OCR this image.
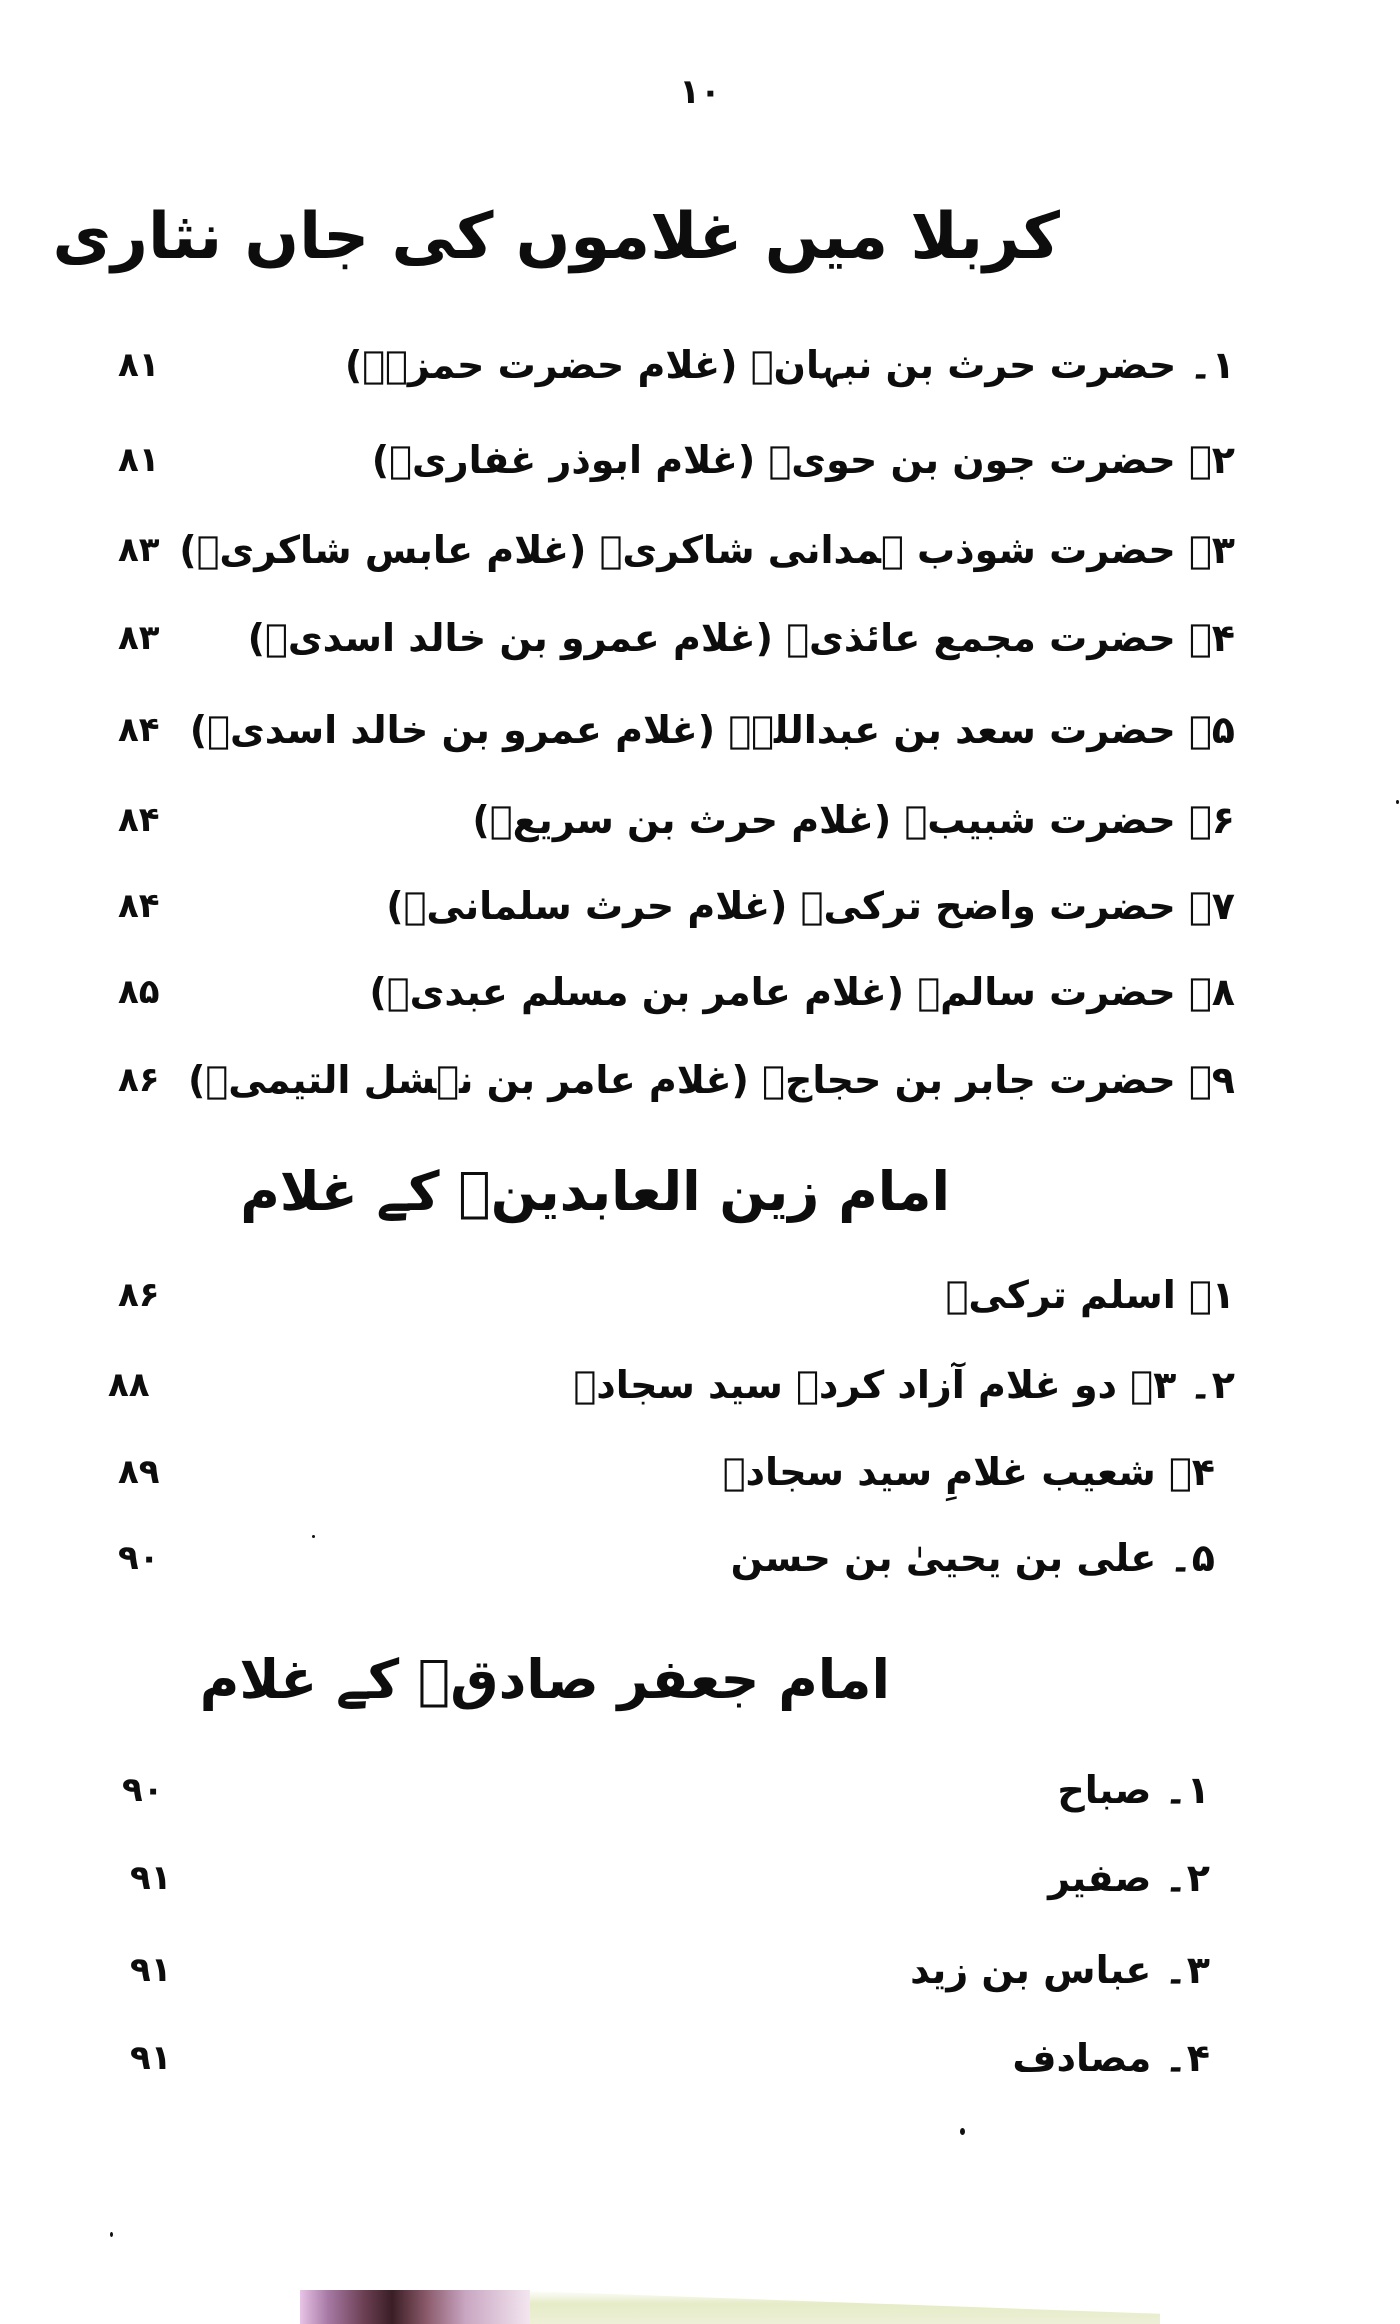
۱۰
کربلا میں غلاموں کی جاں نثاری
۱۔ حضرت حرث بن نبہانؑ (غلام حضرت حمزہؑ)
۸۱
۲۔ حضرت جون بن حویؑ (غلام ابوذر غفاریؑ)
۸۱
۳۔ حضرت شوذب ہمدانی شاکریؑ (غلام عابس شاکریؑ)
۸۳
۴۔ حضرت مجمع عائذیؑ (غلام عمرو بن خالد اسدیؑ)
۸۳
۵۔ حضرت سعد بن عبداللہؑ (غلام عمرو بن خالد اسدیؑ)
۸۴
۶۔ حضرت شبیبؑ (غلام حرث بن سریعؑ)
۸۴
۷۔ حضرت واضح ترکیؑ (غلام حرث سلمانیؑ)
۸۴
۸۔ حضرت سالمؑ (غلام عامر بن مسلم عبدیؑ)
۸۵
۹۔ حضرت جابر بن حجاجؑ (غلام عامر بن نہشل التیمیؑ)
۸۶
امام زین العابدینؑ کے غلام
۱۔ اسلم ترکیؑ
۸۶
۲۔ ۳۔ دو غلام آزاد کردہ سید سجادؑ
۸۸
۴۔ شعیب غلامِ سید سجادؑ
۸۹
۵۔ علی بن یحییٰ بن حسن
۹۰
امام جعفر صادقؑ کے غلام
۱۔ صباح
۹۰
۲۔ صفیر
۹۱
۳۔ عباس بن زید
۹۱
۴۔ مصادف
۹۱
